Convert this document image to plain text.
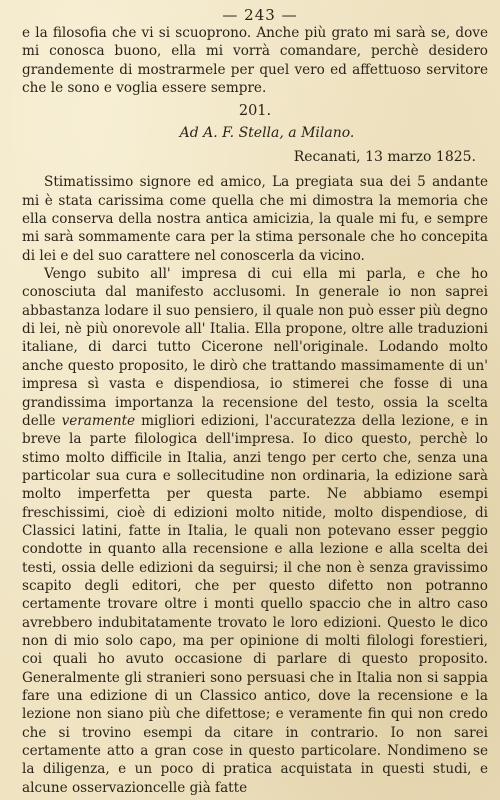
— 243 —

e la filosofia che vi si scuoprono. Anche più grato mi sarà se, dove mi conosca buono, ella mi vorrà comandare, perchè desidero grandemente di mostrarmele per quel vero ed affettuoso servitore che le sono e voglia essere sempre.

201.
Ad A. F. Stella, a Milano.
Recanati, 13 marzo 1825.

Stimatissimo signore ed amico, La pregiata sua dei 5 andante mi è stata carissima come quella che mi dimostra la memoria che ella conserva della nostra antica amicizia, la quale mi fu, e sempre mi sarà sommamente cara per la stima personale che ho concepita di lei e del suo carattere nel conoscerla da vicino.

Vengo subito all' impresa di cui ella mi parla, e che ho conosciuta dal manifesto acclusomi. In generale io non saprei abbastanza lodare il suo pensiero, il quale non può esser più degno di lei, nè più onorevole all' Italia. Ella propone, oltre alle traduzioni italiane, di darci tutto Cicerone nell'originale. Lodando molto anche questo proposito, le dirò che trattando massimamente di un' impresa sì vasta e dispendiosa, io stimerei che fosse di una grandissima importanza la recensione del testo, ossia la scelta delle veramente migliori edizioni, l'accuratezza della lezione, e in breve la parte filologica dell'impresa. Io dico questo, perchè lo stimo molto difficile in Italia, anzi tengo per certo che, senza una particolar sua cura e sollecitudine non ordinaria, la edizione sarà molto imperfetta per questa parte. Ne abbiamo esempi freschissimi, cioè di edizioni molto nitide, molto dispendiose, di Classici latini, fatte in Italia, le quali non potevano esser peggio condotte in quanto alla recensione e alla lezione e alla scelta dei testi, ossia delle edizioni da seguirsi; il che non è senza gravissimo scapito degli editori, che per questo difetto non potranno certamente trovare oltre i monti quello spaccio che in altro caso avrebbero indubitatamente trovato le loro edizioni. Questo le dico non di mio solo capo, ma per opinione di molti filologi forestieri, coi quali ho avuto occasione di parlare di questo proposito. Generalmente gli stranieri sono persuasi che in Italia non si sappia fare una edizione di un Classico antico, dove la recensione e la lezione non siano più che difettose; e veramente fin qui non credo che si trovino esempi da citare in contrario. Io non sarei certamente atto a gran cose in questo particolare. Nondimeno se la diligenza, e un poco di pratica acquistata in questi studi, e alcune osservazioncelle già fatte
